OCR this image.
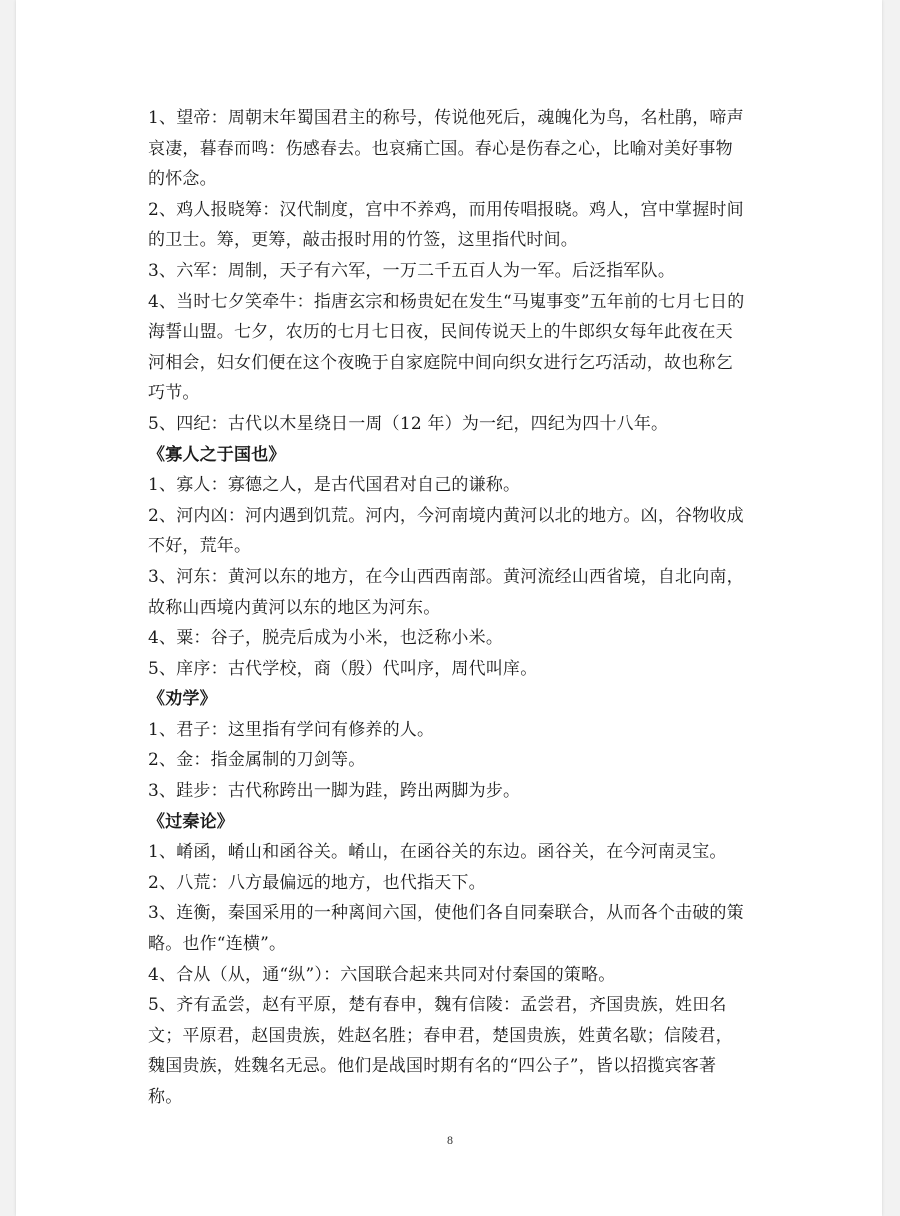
1、望帝：周朝末年蜀国君主的称号，传说他死后，魂魄化为鸟，名杜鹃，啼声
哀凄，暮春而鸣：伤感春去。也哀痛亡国。春心是伤春之心，比喻对美好事物
的怀念。
2、鸡人报晓筹：汉代制度，宫中不养鸡，而用传唱报晓。鸡人，宫中掌握时间
的卫士。筹，更筹，敲击报时用的竹签，这里指代时间。
3、六军：周制，天子有六军，一万二千五百人为一军。后泛指军队。
4、当时七夕笑牵牛：指唐玄宗和杨贵妃在发生“马嵬事变”五年前的七月七日的
海誓山盟。七夕，农历的七月七日夜，民间传说天上的牛郎织女每年此夜在天
河相会，妇女们便在这个夜晚于自家庭院中间向织女进行乞巧活动，故也称乞
巧节。
5、四纪：古代以木星绕日一周（12 年）为一纪，四纪为四十八年。
《寡人之于国也》
1、寡人：寡德之人，是古代国君对自己的谦称。
2、河内凶：河内遇到饥荒。河内，今河南境内黄河以北的地方。凶，谷物收成
不好，荒年。
3、河东：黄河以东的地方，在今山西西南部。黄河流经山西省境，自北向南，
故称山西境内黄河以东的地区为河东。
4、粟：谷子，脱壳后成为小米，也泛称小米。
5、庠序：古代学校，商（殷）代叫序，周代叫庠。
《劝学》
1、君子：这里指有学问有修养的人。
2、金：指金属制的刀剑等。
3、跬步：古代称跨出一脚为跬，跨出两脚为步。
《过秦论》
1、崤函，崤山和函谷关。崤山，在函谷关的东边。函谷关，在今河南灵宝。
2、八荒：八方最偏远的地方，也代指天下。
3、连衡，秦国采用的一种离间六国，使他们各自同秦联合，从而各个击破的策
略。也作“连横”。
4、合从（从，通“纵”）：六国联合起来共同对付秦国的策略。
5、齐有孟尝，赵有平原，楚有春申，魏有信陵：孟尝君，齐国贵族，姓田名
文；平原君，赵国贵族，姓赵名胜；春申君，楚国贵族，姓黄名歇；信陵君，
魏国贵族，姓魏名无忌。他们是战国时期有名的“四公子”，皆以招揽宾客著
称。
8
